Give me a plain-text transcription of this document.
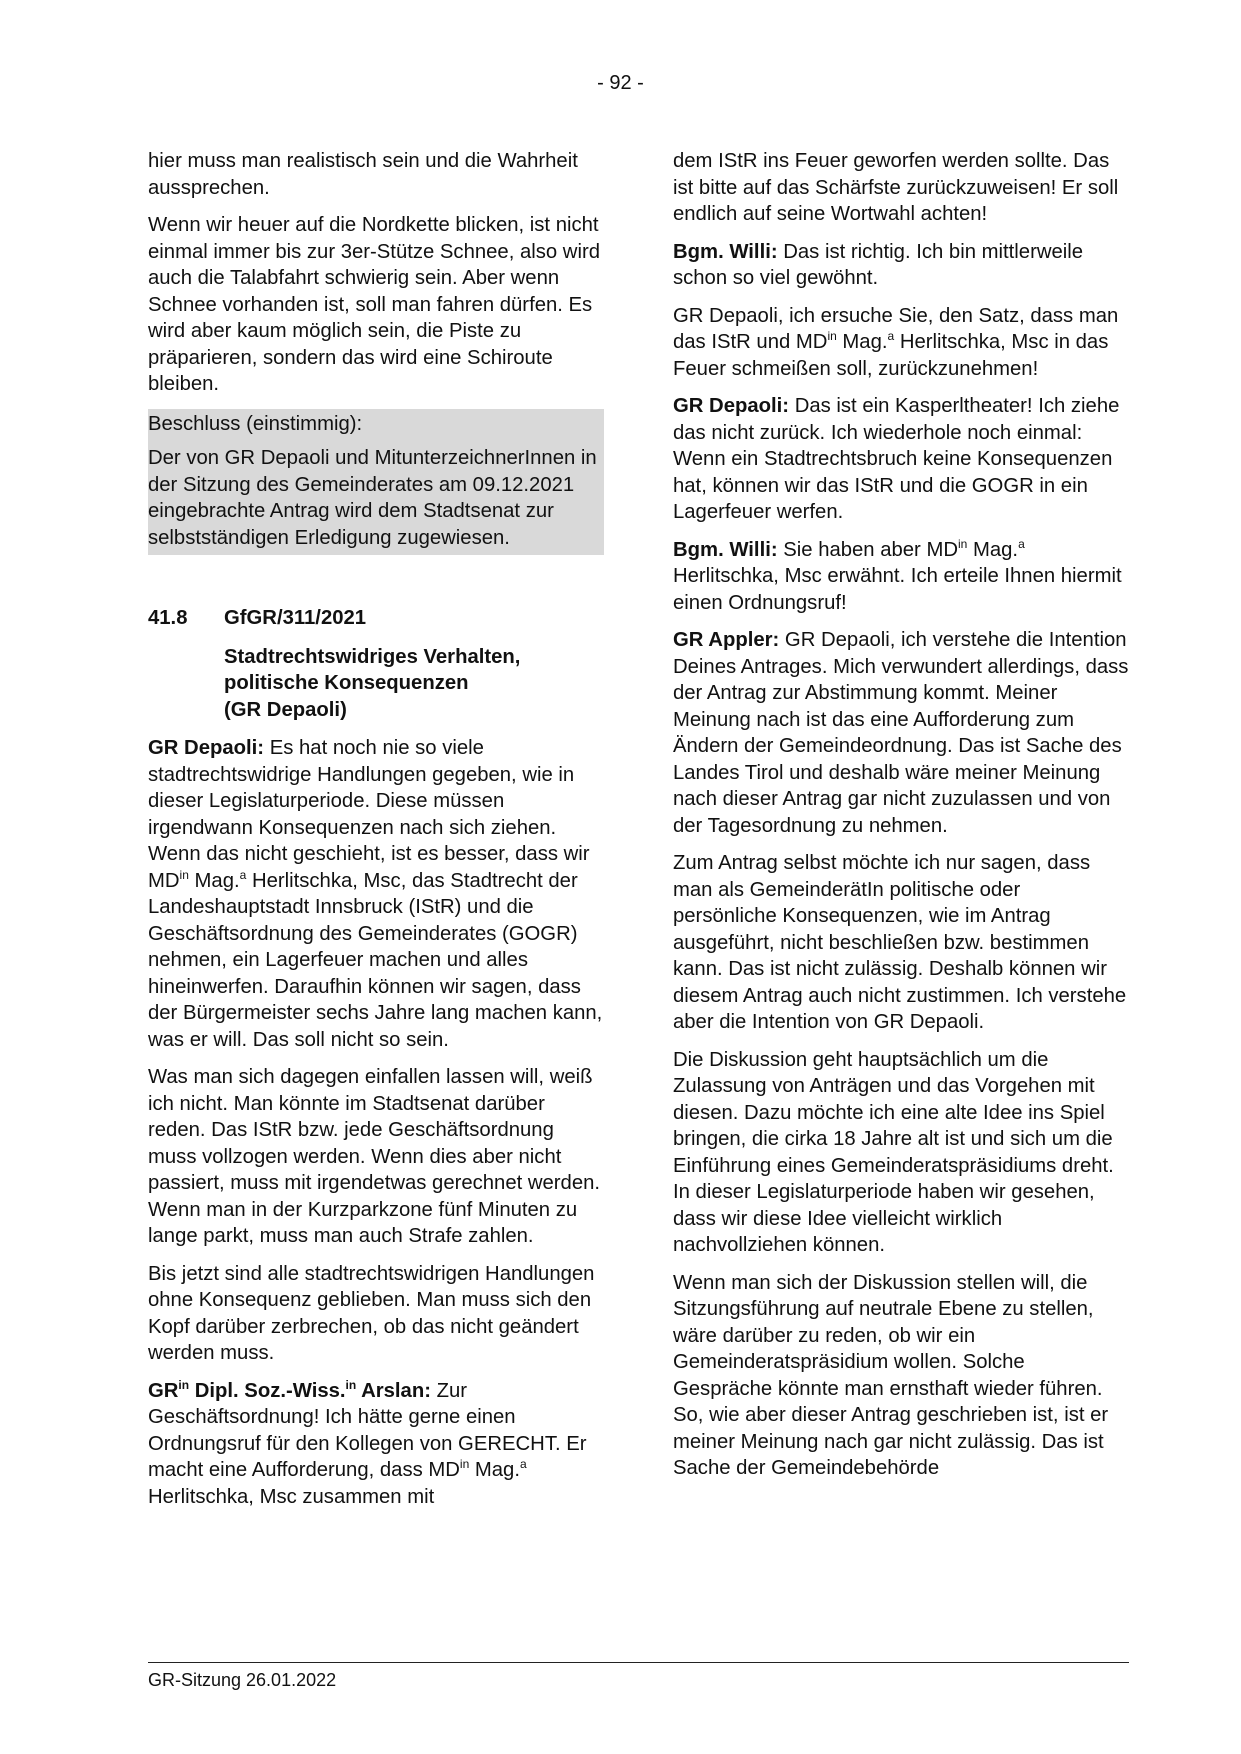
- 92 -

hier muss man realistisch sein und die Wahrheit aussprechen.

Wenn wir heuer auf die Nordkette blicken, ist nicht einmal immer bis zur 3er-Stütze Schnee, also wird auch die Talabfahrt schwierig sein. Aber wenn Schnee vorhanden ist, soll man fahren dürfen. Es wird aber kaum möglich sein, die Piste zu präparieren, sondern das wird eine Schiroute bleiben.

Beschluss (einstimmig):

Der von GR Depaoli und MitunterzeichnerInnen in der Sitzung des Gemeinderates am 09.12.2021 eingebrachte Antrag wird dem Stadtsenat zur selbstständigen Erledigung zugewiesen.

41.8	GfGR/311/2021
Stadtrechtswidriges Verhalten,
politische Konsequenzen
(GR Depaoli)

GR Depaoli: Es hat noch nie so viele stadtrechtswidrige Handlungen gegeben, wie in dieser Legislaturperiode. Diese müssen irgendwann Konsequenzen nach sich ziehen. Wenn das nicht geschieht, ist es besser, dass wir $MD^{in}$ Mag.$^a$ Herlitschka, Msc, das Stadtrecht der Landeshauptstadt Innsbruck (IStR) und die Geschäftsordnung des Gemeinderates (GOGR) nehmen, ein Lagerfeuer machen und alles hineinwerfen. Daraufhin können wir sagen, dass der Bürgermeister sechs Jahre lang machen kann, was er will. Das soll nicht so sein.

Was man sich dagegen einfallen lassen will, weiß ich nicht. Man könnte im Stadtsenat darüber reden. Das IStR bzw. jede Geschäftsordnung muss vollzogen werden. Wenn dies aber nicht passiert, muss mit irgendetwas gerechnet werden. Wenn man in der Kurzparkzone fünf Minuten zu lange parkt, muss man auch Strafe zahlen.

Bis jetzt sind alle stadtrechtswidrigen Handlungen ohne Konsequenz geblieben. Man muss sich den Kopf darüber zerbrechen, ob das nicht geändert werden muss.

$GR^{in}$ Dipl. Soz.-Wiss.$^{in}$ Arslan: Zur Geschäftsordnung! Ich hätte gerne einen Ordnungsruf für den Kollegen von GERECHT. Er macht eine Aufforderung, dass $MD^{in}$ Mag.$^a$ Herlitschka, Msc zusammen mit

dem IStR ins Feuer geworfen werden sollte. Das ist bitte auf das Schärfste zurückzuweisen! Er soll endlich auf seine Wortwahl achten!

Bgm. Willi: Das ist richtig. Ich bin mittlerweile schon so viel gewöhnt.

GR Depaoli, ich ersuche Sie, den Satz, dass man das IStR und $MD^{in}$ Mag.$^a$ Herlitschka, Msc in das Feuer schmeißen soll, zurückzunehmen!

GR Depaoli: Das ist ein Kasperltheater! Ich ziehe das nicht zurück. Ich wiederhole noch einmal: Wenn ein Stadtrechtsbruch keine Konsequenzen hat, können wir das IStR und die GOGR in ein Lagerfeuer werfen.

Bgm. Willi: Sie haben aber $MD^{in}$ Mag.$^a$ Herlitschka, Msc erwähnt. Ich erteile Ihnen hiermit einen Ordnungsruf!

GR Appler: GR Depaoli, ich verstehe die Intention Deines Antrages. Mich verwundert allerdings, dass der Antrag zur Abstimmung kommt. Meiner Meinung nach ist das eine Aufforderung zum Ändern der Gemeindeordnung. Das ist Sache des Landes Tirol und deshalb wäre meiner Meinung nach dieser Antrag gar nicht zuzulassen und von der Tagesordnung zu nehmen.

Zum Antrag selbst möchte ich nur sagen, dass man als GemeinderätIn politische oder persönliche Konsequenzen, wie im Antrag ausgeführt, nicht beschließen bzw. bestimmen kann. Das ist nicht zulässig. Deshalb können wir diesem Antrag auch nicht zustimmen. Ich verstehe aber die Intention von GR Depaoli.

Die Diskussion geht hauptsächlich um die Zulassung von Anträgen und das Vorgehen mit diesen. Dazu möchte ich eine alte Idee ins Spiel bringen, die cirka 18 Jahre alt ist und sich um die Einführung eines Gemeinderatspräsidiums dreht. In dieser Legislaturperiode haben wir gesehen, dass wir diese Idee vielleicht wirklich nachvollziehen können.

Wenn man sich der Diskussion stellen will, die Sitzungsführung auf neutrale Ebene zu stellen, wäre darüber zu reden, ob wir ein Gemeinderatspräsidium wollen. Solche Gespräche könnte man ernsthaft wieder führen. So, wie aber dieser Antrag geschrieben ist, ist er meiner Meinung nach gar nicht zulässig. Das ist Sache der Gemeindebehörde

GR-Sitzung 26.01.2022
